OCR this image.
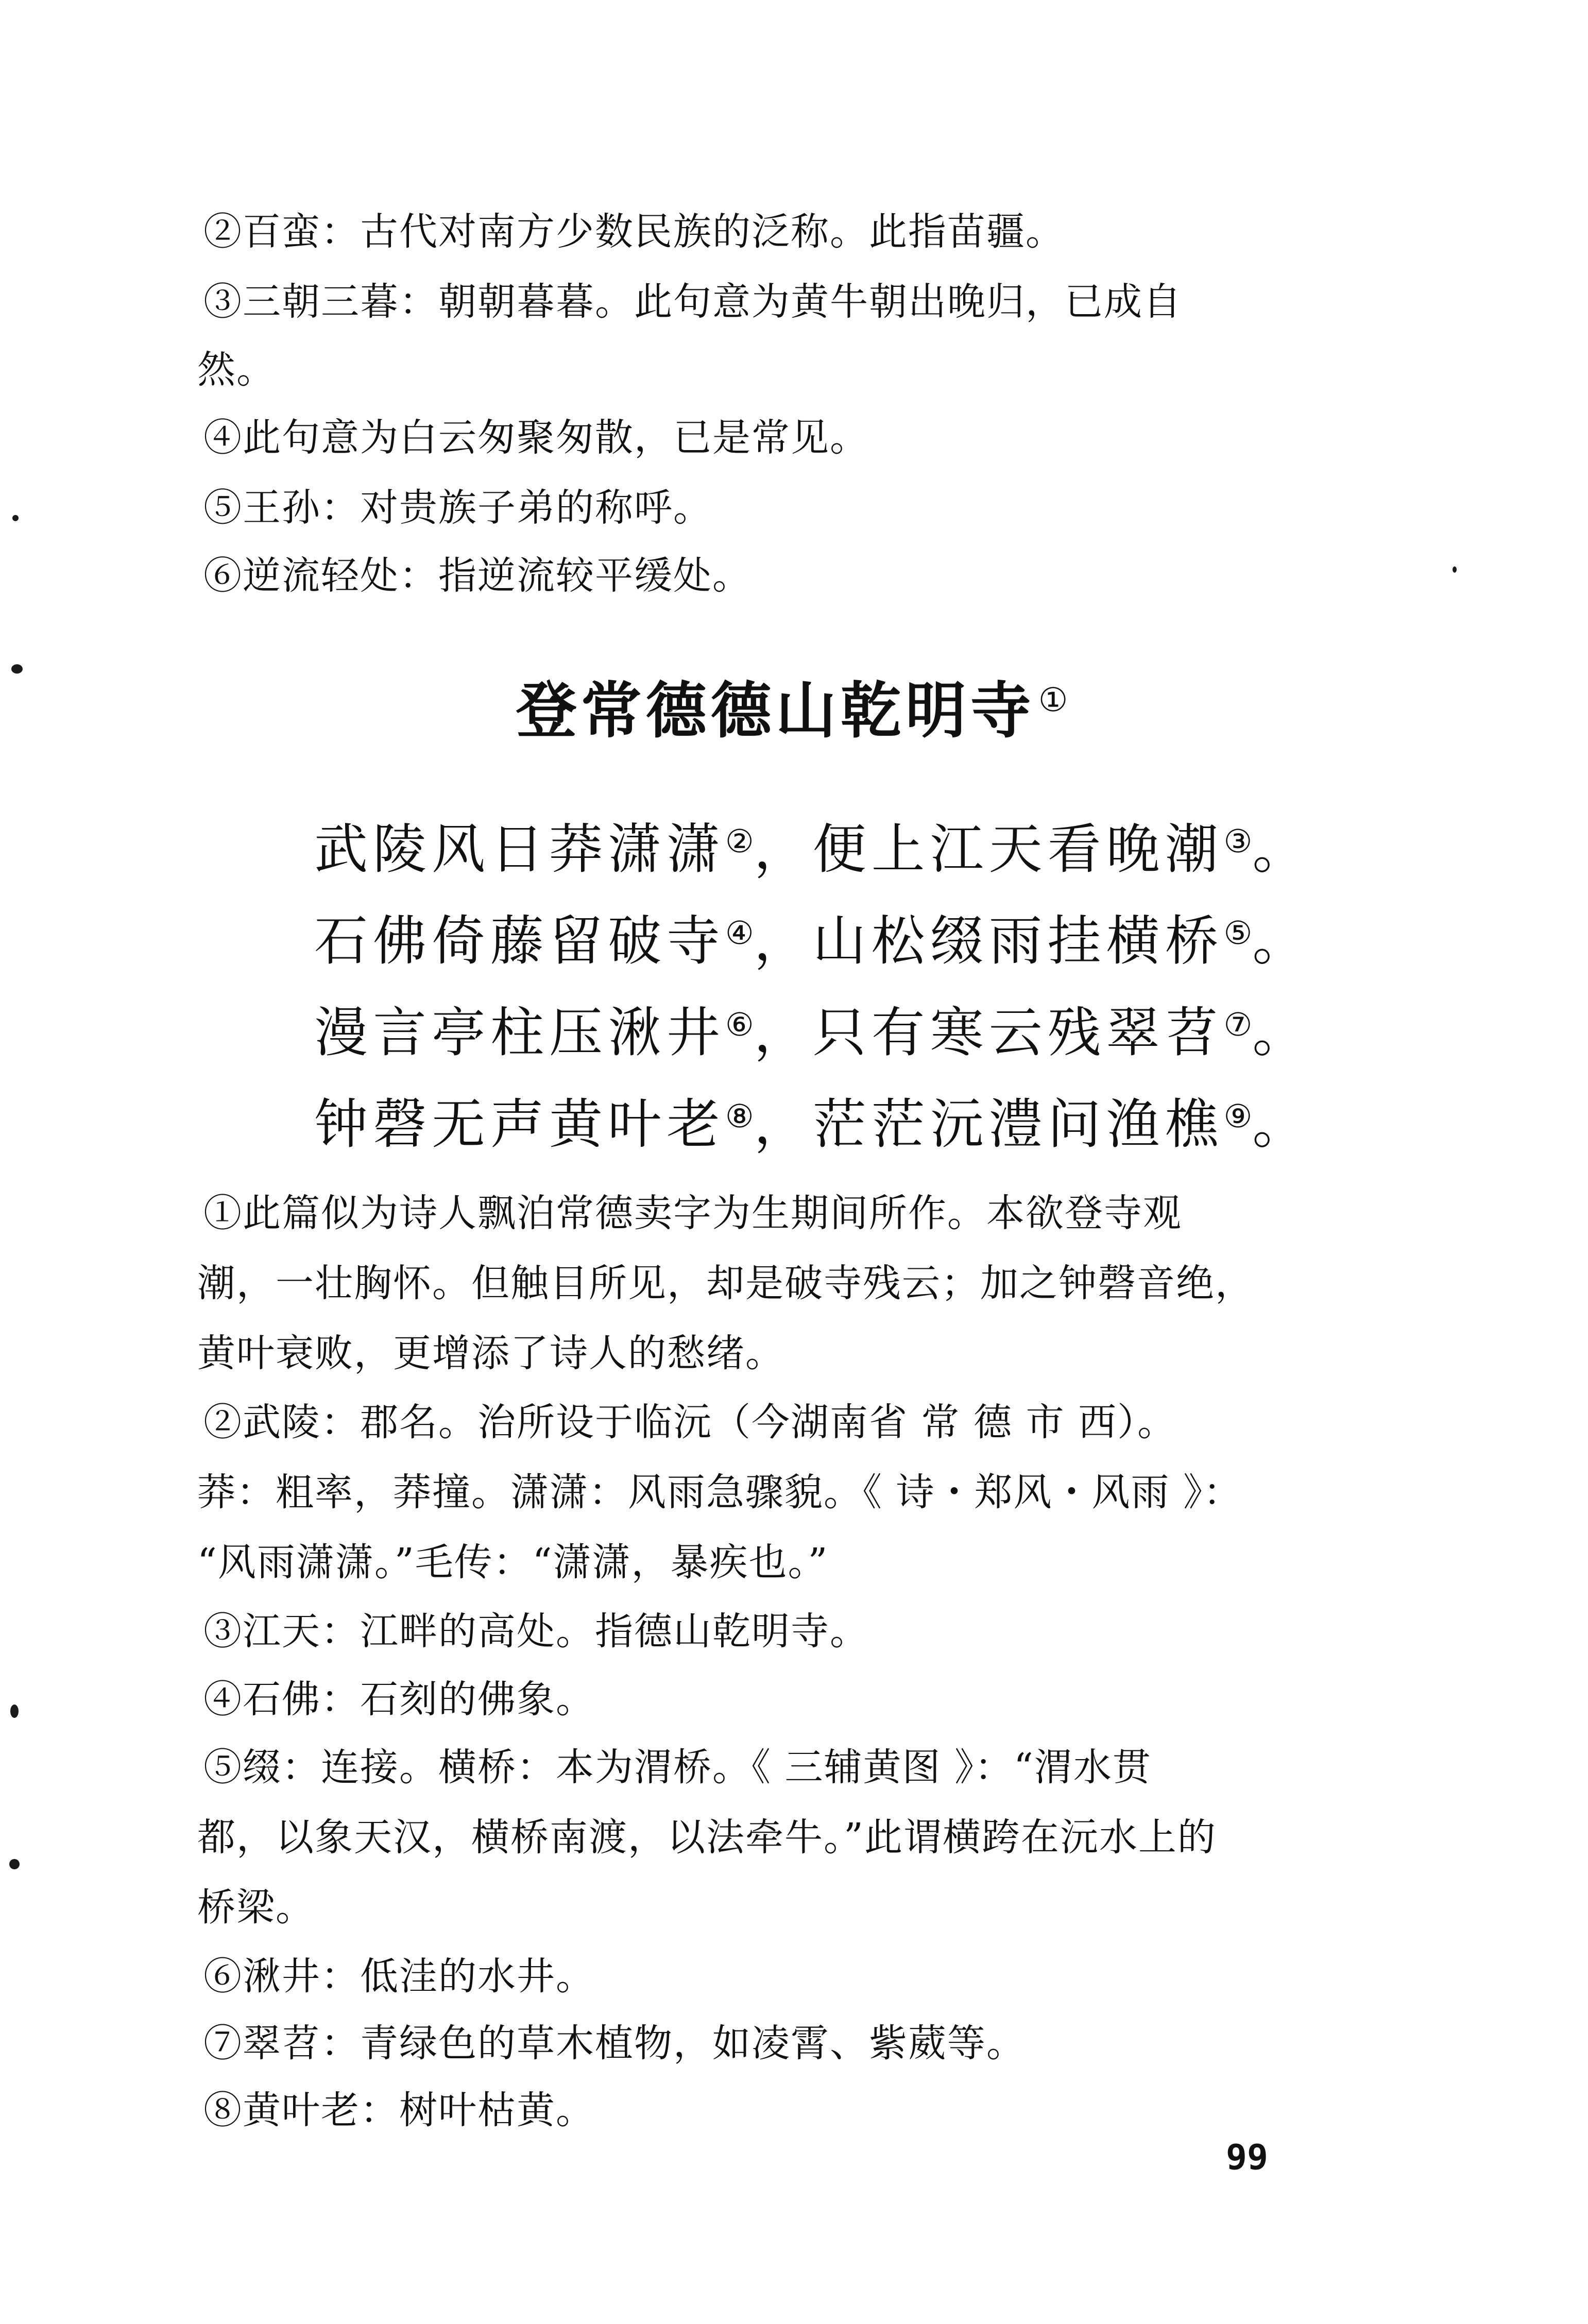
②百蛮：古代对南方少数民族的泛称。此指苗疆。
③三朝三暮：朝朝暮暮。此句意为黄牛朝出晚归，已成自
然。
④此句意为白云匆聚匆散，已是常见。
⑤王孙：对贵族子弟的称呼。
⑥逆流轻处：指逆流较平缓处。
登常德德山乾明寺①
武陵风日莽潇潇②，便上江天看晚潮③。
石佛倚藤留破寺④，山松缀雨挂横桥⑤。
漫言亭柱压湫井⑥，只有寒云残翠苕⑦。
钟磬无声黄叶老⑧，茫茫沅澧问渔樵⑨。
①此篇似为诗人飘泊常德卖字为生期间所作。本欲登寺观
潮，一壮胸怀。但触目所见，却是破寺残云；加之钟磬音绝，
黄叶衰败，更增添了诗人的愁绪。
②武陵：郡名。治所设于临沅（今湖南省 常 德 市 西）。
莽：粗率，莽撞。潇潇：风雨急骤貌。《 诗・郑风・风雨 》：
“风雨潇潇。”毛传：“潇潇，暴疾也。”
③江天：江畔的高处。指德山乾明寺。
④石佛：石刻的佛象。
⑤缀：连接。横桥：本为渭桥。《 三辅黄图 》：“渭水贯
都，以象天汉，横桥南渡，以法牵牛。”此谓横跨在沅水上的
桥梁。
⑥湫井：低洼的水井。
⑦翠苕：青绿色的草木植物，如凌霄、紫葳等。
⑧黄叶老：树叶枯黄。
99
